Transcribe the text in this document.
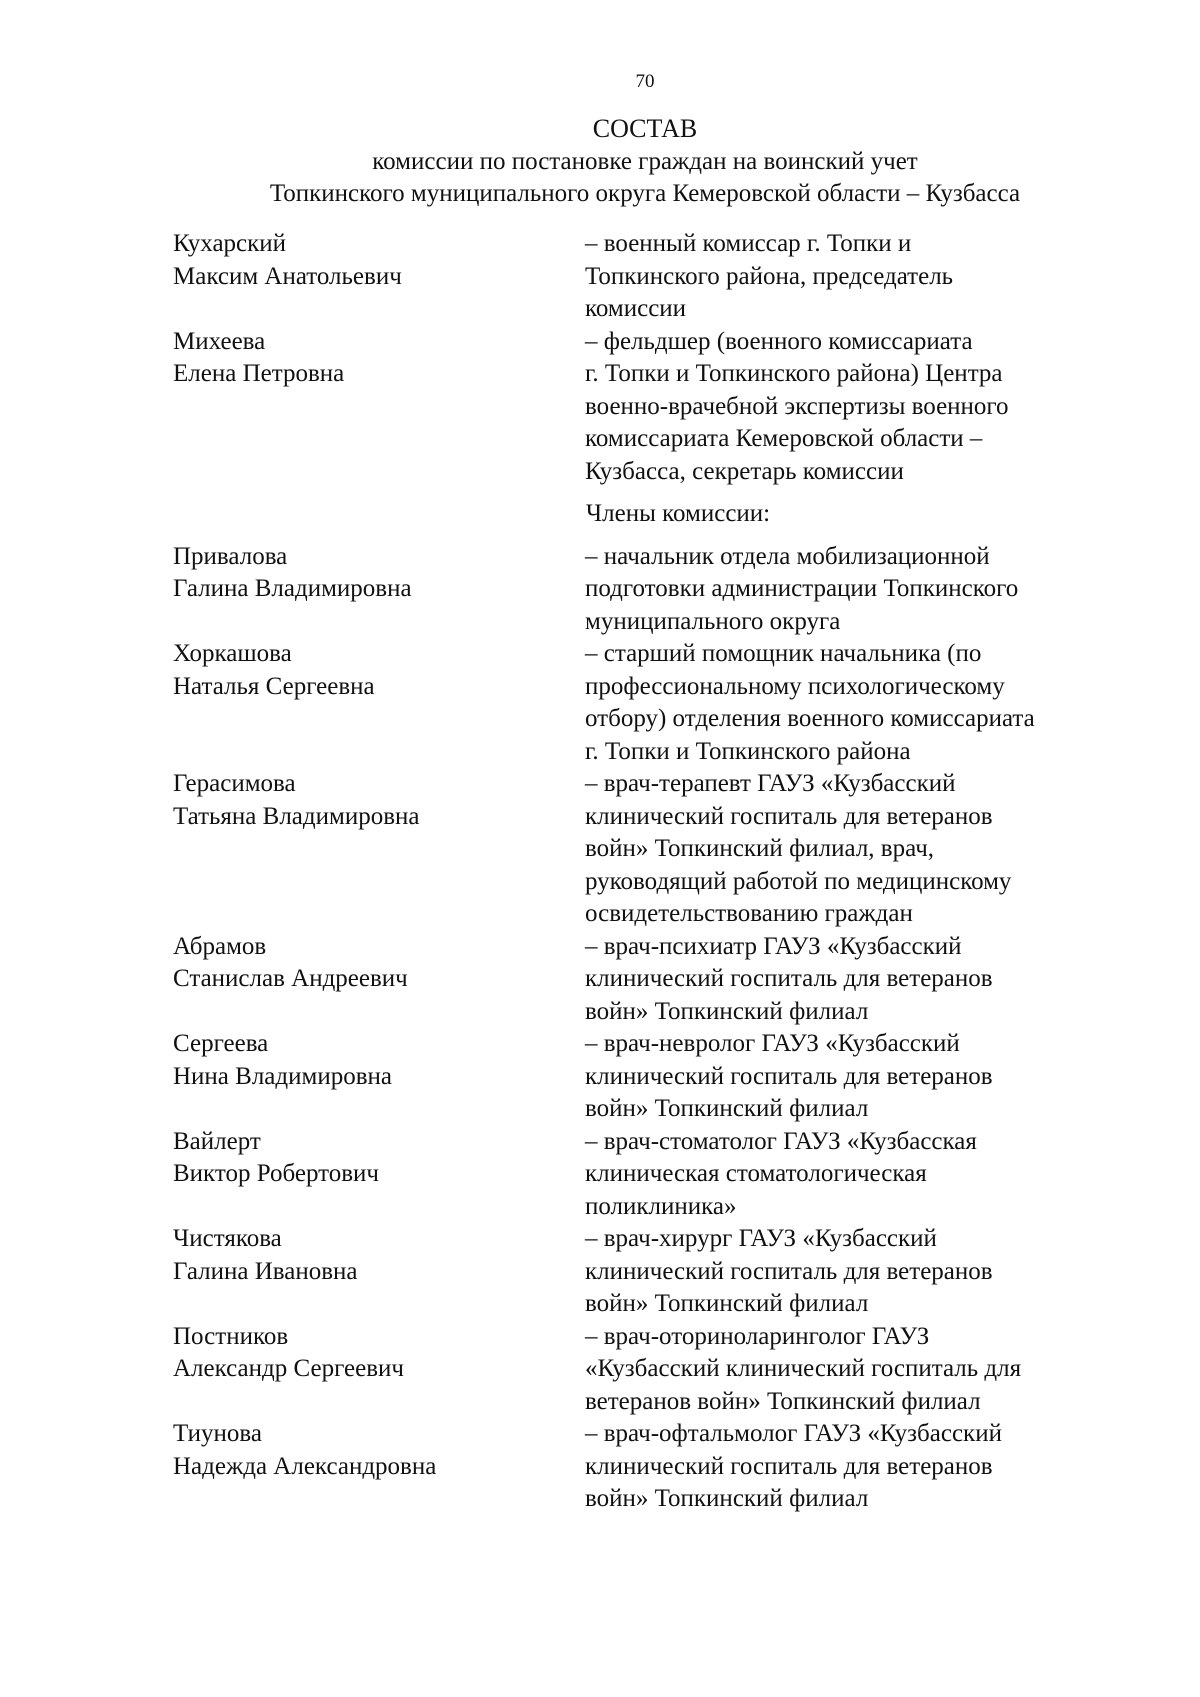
70
СОСТАВ
комиссии по постановке граждан на воинский учет
Топкинского муниципального округа Кемеровской области – Кузбасса
Кухарский
Максим Анатольевич
– военный комиссар г. Топки и
Топкинского района, председатель
комиссии
Михеева
Елена Петровна
– фельдшер (военного комиссариата
г. Топки и Топкинского района) Центра
военно-врачебной экспертизы военного
комиссариата Кемеровской области –
Кузбасса, секретарь комиссии
Члены комиссии:
Привалова
Галина Владимировна
– начальник отдела мобилизационной
подготовки администрации Топкинского
муниципального округа
Хоркашова
Наталья Сергеевна
– старший помощник начальника (по
профессиональному психологическому
отбору) отделения военного комиссариата
г. Топки и Топкинского района
Герасимова
Татьяна Владимировна
– врач-терапевт ГАУЗ «Кузбасский
клинический госпиталь для ветеранов
войн» Топкинский филиал, врач,
руководящий работой по медицинскому
освидетельствованию граждан
Абрамов
Станислав Андреевич
– врач-психиатр ГАУЗ «Кузбасский
клинический госпиталь для ветеранов
войн» Топкинский филиал
Сергеева
Нина Владимировна
– врач-невролог ГАУЗ «Кузбасский
клинический госпиталь для ветеранов
войн» Топкинский филиал
Вайлерт
Виктор Робертович
– врач-стоматолог ГАУЗ «Кузбасская
клиническая стоматологическая
поликлиника»
Чистякова
Галина Ивановна
– врач-хирург ГАУЗ «Кузбасский
клинический госпиталь для ветеранов
войн» Топкинский филиал
Постников
Александр Сергеевич
– врач-оториноларинголог ГАУЗ
«Кузбасский клинический госпиталь для
ветеранов войн» Топкинский филиал
Тиунова
Надежда Александровна
– врач-офтальмолог ГАУЗ «Кузбасский
клинический госпиталь для ветеранов
войн» Топкинский филиал
